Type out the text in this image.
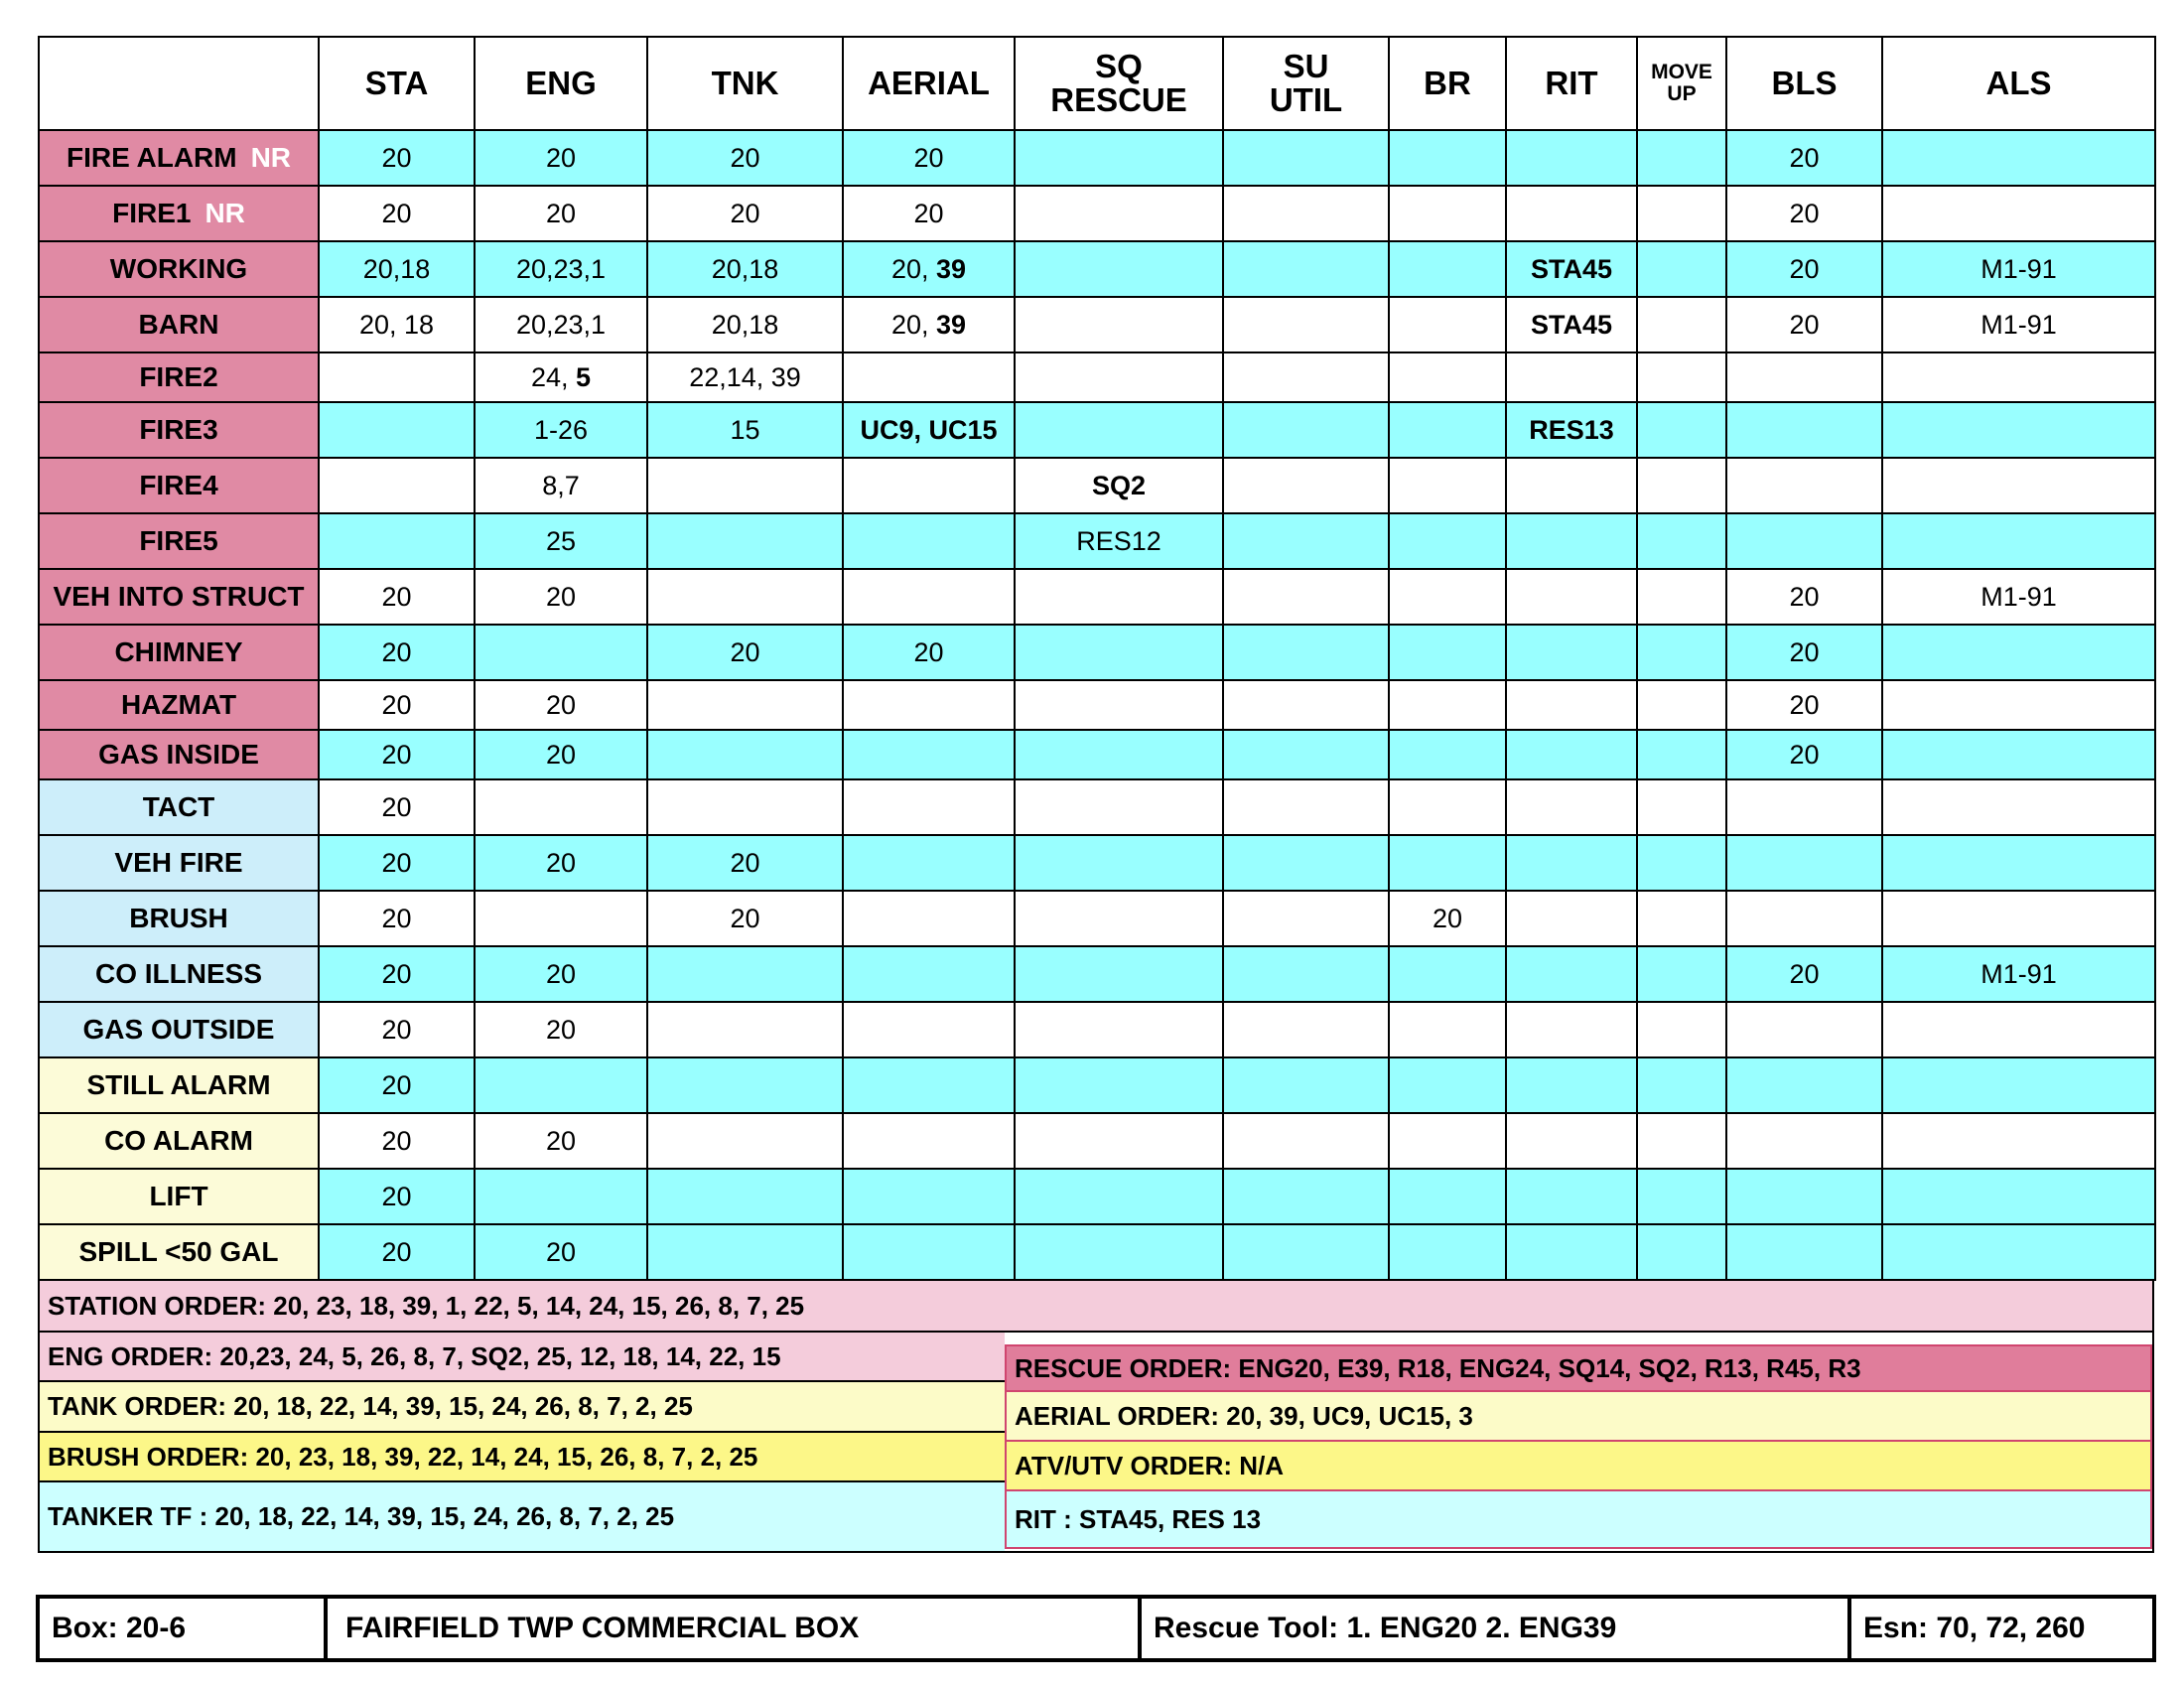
	STA	ENG	TNK	AERIAL	SQ
RESCUE	SU
UTIL	BR	RIT	MOVE
UP	BLS	ALS
FIRE ALARM NR	20	20	20	20						20	
FIRE1 NR	20	20	20	20						20	
WORKING	20,18	20,23,1	20,18	20, 39				STA45		20	M1-91
BARN	20, 18	20,23,1	20,18	20, 39				STA45		20	M1-91
FIRE2		24, 5	22,14, 39								
FIRE3		1-26	15	UC9, UC15				RES13			
FIRE4		8,7			SQ2						
FIRE5		25			RES12						
VEH INTO STRUCT	20	20								20	M1-91
CHIMNEY	20		20	20						20	
HAZMAT	20	20								20	
GAS INSIDE	20	20								20	
TACT	20										
VEH FIRE	20	20	20								
BRUSH	20		20				20				
CO ILLNESS	20	20								20	M1-91
GAS OUTSIDE	20	20									
STILL ALARM	20										
CO ALARM	20	20									
LIFT	20										
SPILL <50 GAL	20	20									
STATION ORDER: 20, 23, 18, 39, 1, 22, 5, 14, 24, 15, 26, 8, 7, 25
ENG ORDER: 20,23, 24, 5, 26, 8, 7, SQ2, 25, 12, 18, 14, 22, 15
TANK ORDER: 20, 18, 22, 14, 39, 15, 24, 26, 8, 7, 2, 25
BRUSH ORDER: 20, 23, 18, 39, 22, 14, 24, 15, 26, 8, 7, 2, 25
TANKER TF : 20, 18, 22, 14, 39, 15, 24, 26, 8, 7, 2, 25
RESCUE ORDER: ENG20, E39, R18, ENG24, SQ14, SQ2, R13, R45, R3
AERIAL ORDER: 20, 39, UC9, UC15, 3
ATV/UTV ORDER: N/A
RIT : STA45, RES 13
Box: 20-6	FAIRFIELD TWP COMMERCIAL BOX	Rescue Tool: 1. ENG20 2. ENG39	Esn: 70, 72, 260
